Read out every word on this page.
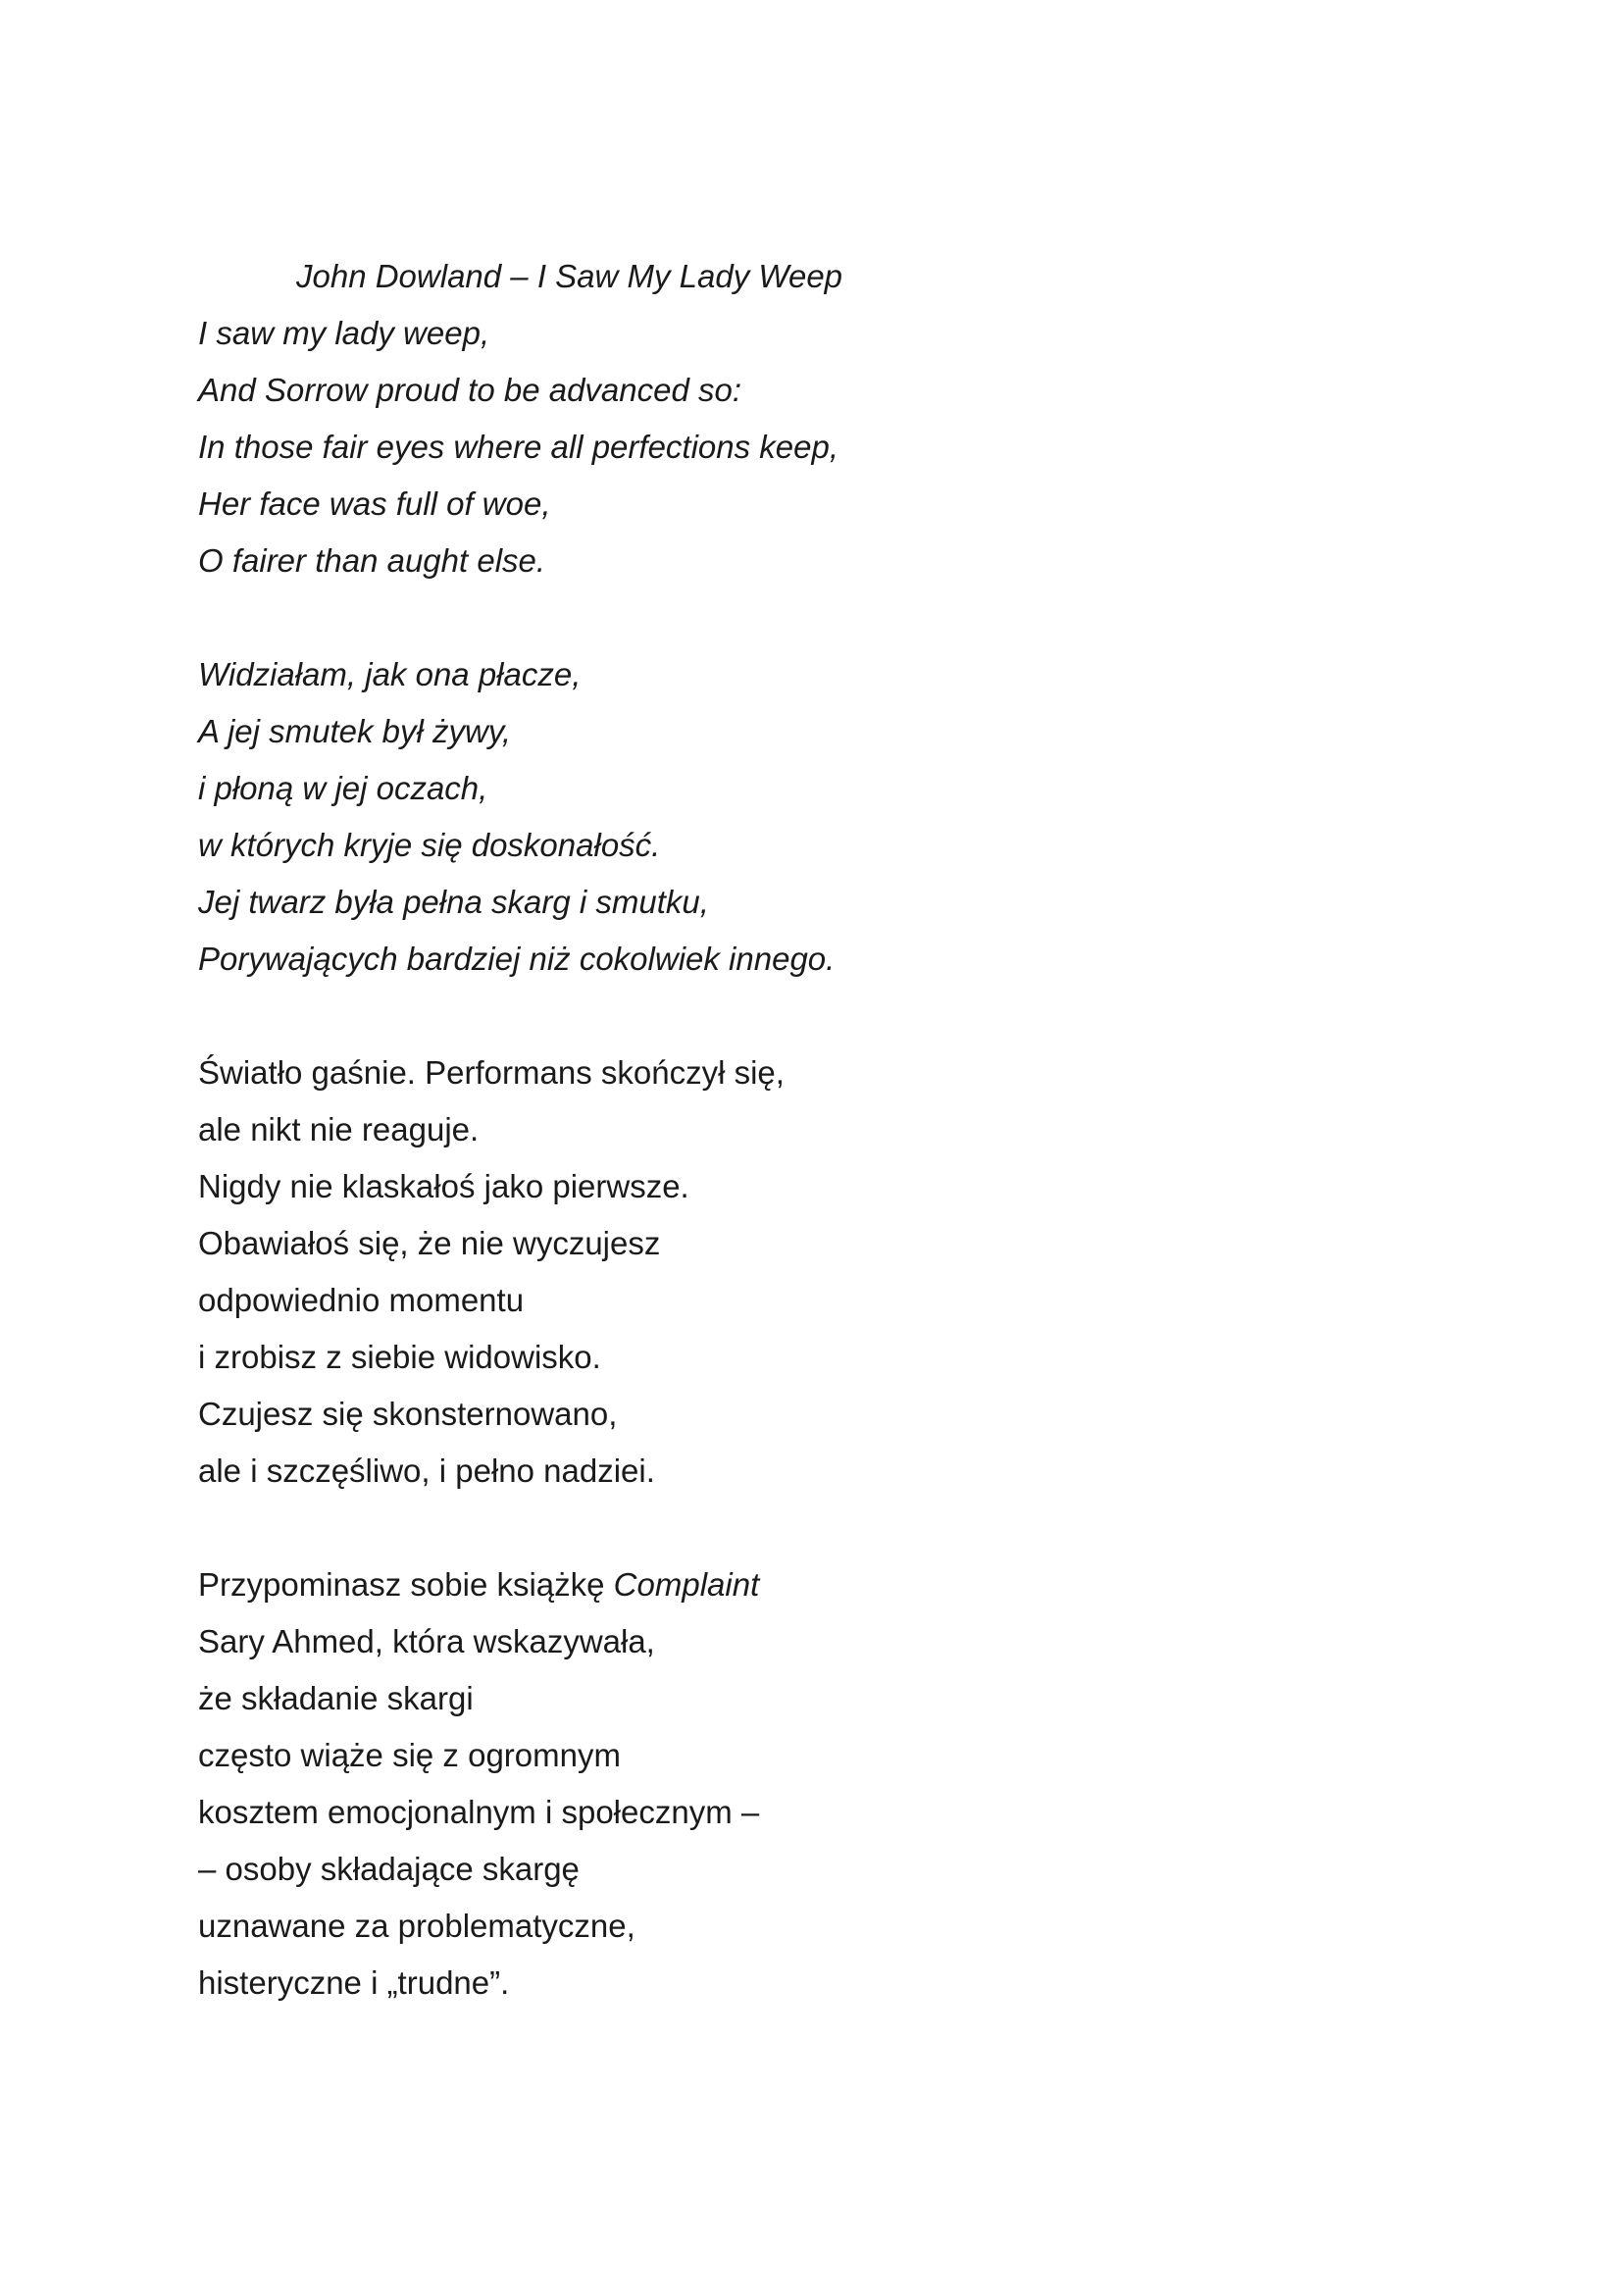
John Dowland – I Saw My Lady Weep
I saw my lady weep,
And Sorrow proud to be advanced so:
In those fair eyes where all perfections keep,
Her face was full of woe,
O fairer than aught else.
Widziałam, jak ona płacze,
A jej smutek był żywy,
i płoną w jej oczach,
w których kryje się doskonałość.
Jej twarz była pełna skarg i smutku,
Porywających bardziej niż cokolwiek innego.
Światło gaśnie. Performans skończył się,
ale nikt nie reaguje.
Nigdy nie klaskałoś jako pierwsze.
Obawiałoś się, że nie wyczujesz
odpowiednio momentu
i zrobisz z siebie widowisko.
Czujesz się skonsternowano,
ale i szczęśliwo, i pełno nadziei.
Przypominasz sobie książkę Complaint
Sary Ahmed, która wskazywała,
że składanie skargi
często wiąże się z ogromnym
kosztem emocjonalnym i społecznym –
– osoby składające skargę
uznawane za problematyczne,
histeryczne i „trudne”.
